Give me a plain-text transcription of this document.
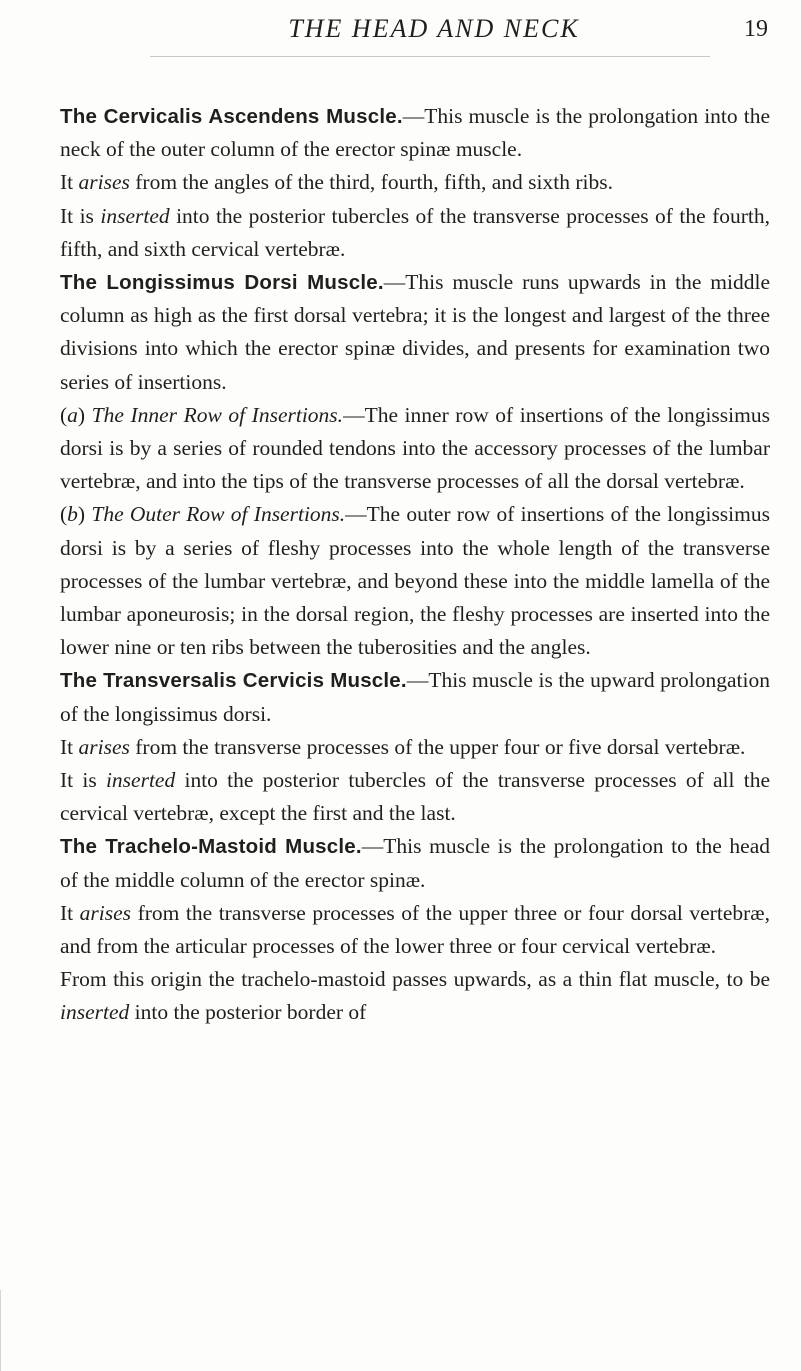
THE HEAD AND NECK	19

The Cervicalis Ascendens Muscle.—This muscle is the prolongation into the neck of the outer column of the erector spinæ muscle.

It arises from the angles of the third, fourth, fifth, and sixth ribs.

It is inserted into the posterior tubercles of the transverse processes of the fourth, fifth, and sixth cervical vertebræ.

The Longissimus Dorsi Muscle.—This muscle runs upwards in the middle column as high as the first dorsal vertebra; it is the longest and largest of the three divisions into which the erector spinæ divides, and presents for examination two series of insertions.

(a) The Inner Row of Insertions.—The inner row of insertions of the longissimus dorsi is by a series of rounded tendons into the accessory processes of the lumbar vertebræ, and into the tips of the transverse processes of all the dorsal vertebræ.

(b) The Outer Row of Insertions.—The outer row of insertions of the longissimus dorsi is by a series of fleshy processes into the whole length of the transverse processes of the lumbar vertebræ, and beyond these into the middle lamella of the lumbar aponeurosis; in the dorsal region, the fleshy processes are inserted into the lower nine or ten ribs between the tuberosities and the angles.

The Transversalis Cervicis Muscle.—This muscle is the upward prolongation of the longissimus dorsi.

It arises from the transverse processes of the upper four or five dorsal vertebræ.

It is inserted into the posterior tubercles of the transverse processes of all the cervical vertebræ, except the first and the last.

The Trachelo-Mastoid Muscle.—This muscle is the prolongation to the head of the middle column of the erector spinæ.

It arises from the transverse processes of the upper three or four dorsal vertebræ, and from the articular processes of the lower three or four cervical vertebræ.

From this origin the trachelo-mastoid passes upwards, as a thin flat muscle, to be inserted into the posterior border of
